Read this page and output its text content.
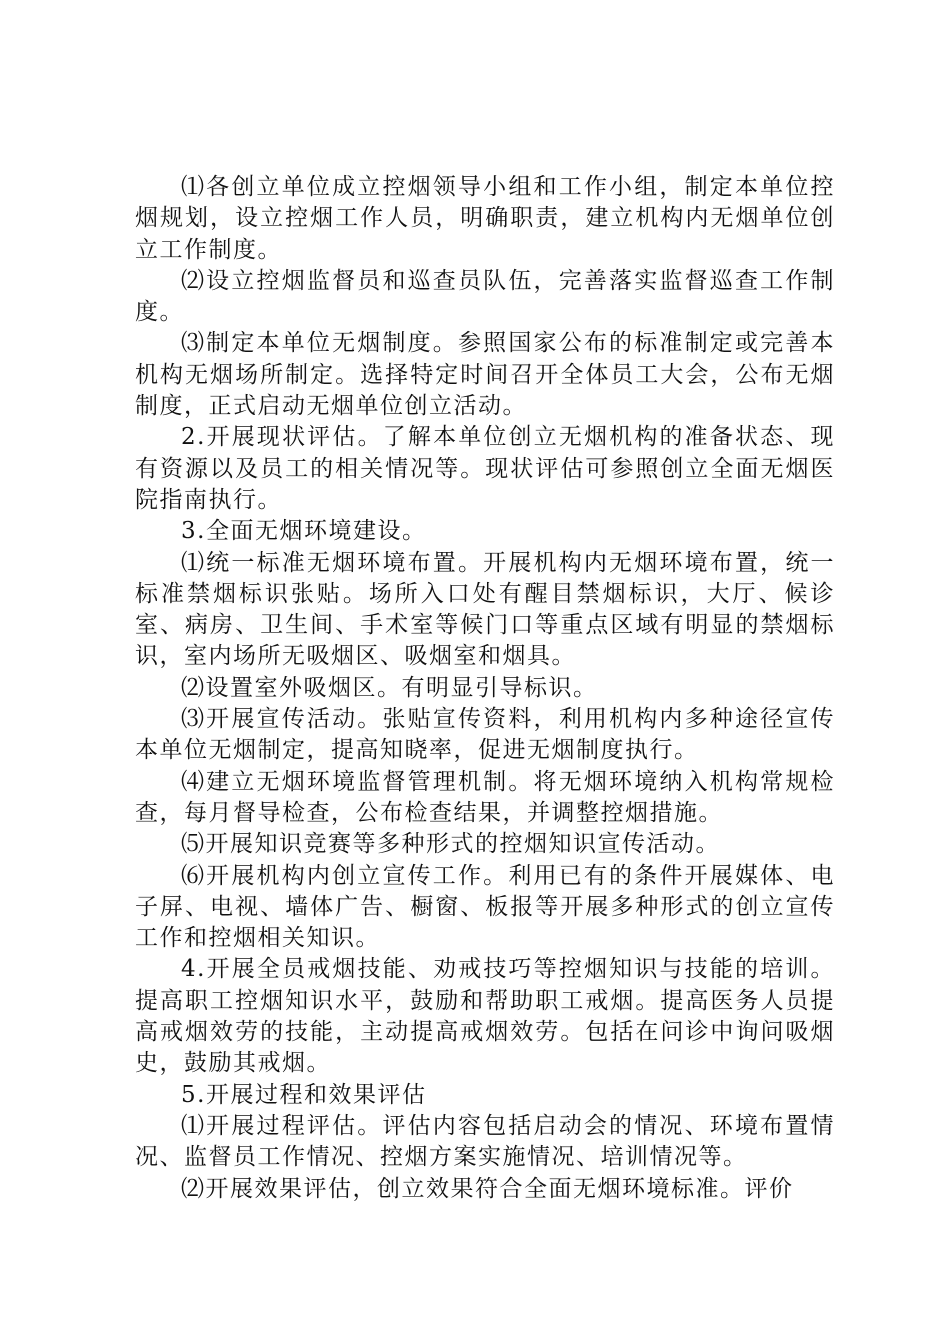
⑴各创立单位成立控烟领导小组和工作小组，制定本单位控烟规划，设立控烟工作人员，明确职责，建立机构内无烟单位创立工作制度。

⑵设立控烟监督员和巡查员队伍，完善落实监督巡查工作制度。

⑶制定本单位无烟制度。参照国家公布的标准制定或完善本机构无烟场所制定。选择特定时间召开全体员工大会，公布无烟制度，正式启动无烟单位创立活动。

2.开展现状评估。了解本单位创立无烟机构的准备状态、现有资源以及员工的相关情况等。现状评估可参照创立全面无烟医院指南执行。

3.全面无烟环境建设。

⑴统一标准无烟环境布置。开展机构内无烟环境布置，统一标准禁烟标识张贴。场所入口处有醒目禁烟标识，大厅、候诊室、病房、卫生间、手术室等候门口等重点区域有明显的禁烟标识，室内场所无吸烟区、吸烟室和烟具。

⑵设置室外吸烟区。有明显引导标识。

⑶开展宣传活动。张贴宣传资料，利用机构内多种途径宣传本单位无烟制定，提高知晓率，促进无烟制度执行。

⑷建立无烟环境监督管理机制。将无烟环境纳入机构常规检查，每月督导检查，公布检查结果，并调整控烟措施。

⑸开展知识竞赛等多种形式的控烟知识宣传活动。

⑹开展机构内创立宣传工作。利用已有的条件开展媒体、电子屏、电视、墙体广告、橱窗、板报等开展多种形式的创立宣传工作和控烟相关知识。

4.开展全员戒烟技能、劝戒技巧等控烟知识与技能的培训。提高职工控烟知识水平，鼓励和帮助职工戒烟。提高医务人员提高戒烟效劳的技能，主动提高戒烟效劳。包括在问诊中询问吸烟史，鼓励其戒烟。

5.开展过程和效果评估

⑴开展过程评估。评估内容包括启动会的情况、环境布置情况、监督员工作情况、控烟方案实施情况、培训情况等。

⑵开展效果评估，创立效果符合全面无烟环境标准。评价
